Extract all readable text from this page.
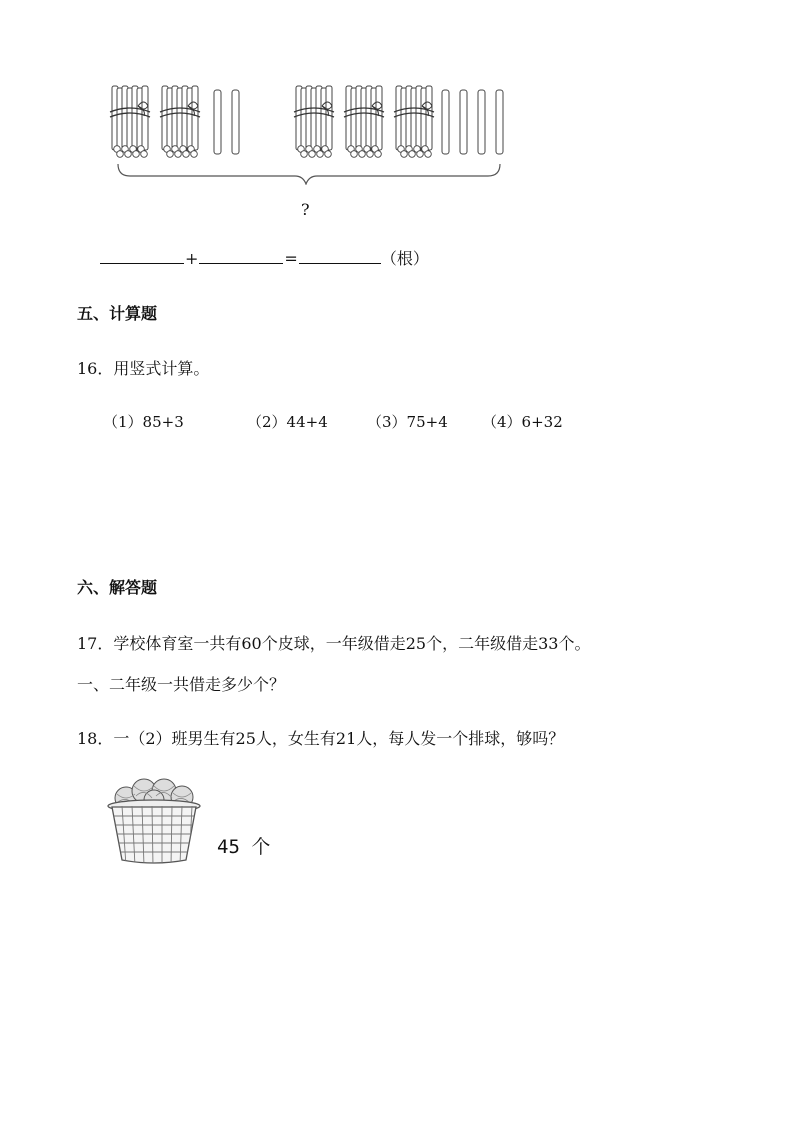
?
+	=	（根）
五、计算题
16．用竖式计算。
（1）85+3	（2）44+4	（3）75+4 （4）6+32
六、解答题
17．学校体育室一共有60个皮球，一年级借走25个，二年级借走33个。
一、二年级一共借走多少个？
18．一（2）班男生有25人，女生有21人，每人发一个排球，够吗？
45 个
